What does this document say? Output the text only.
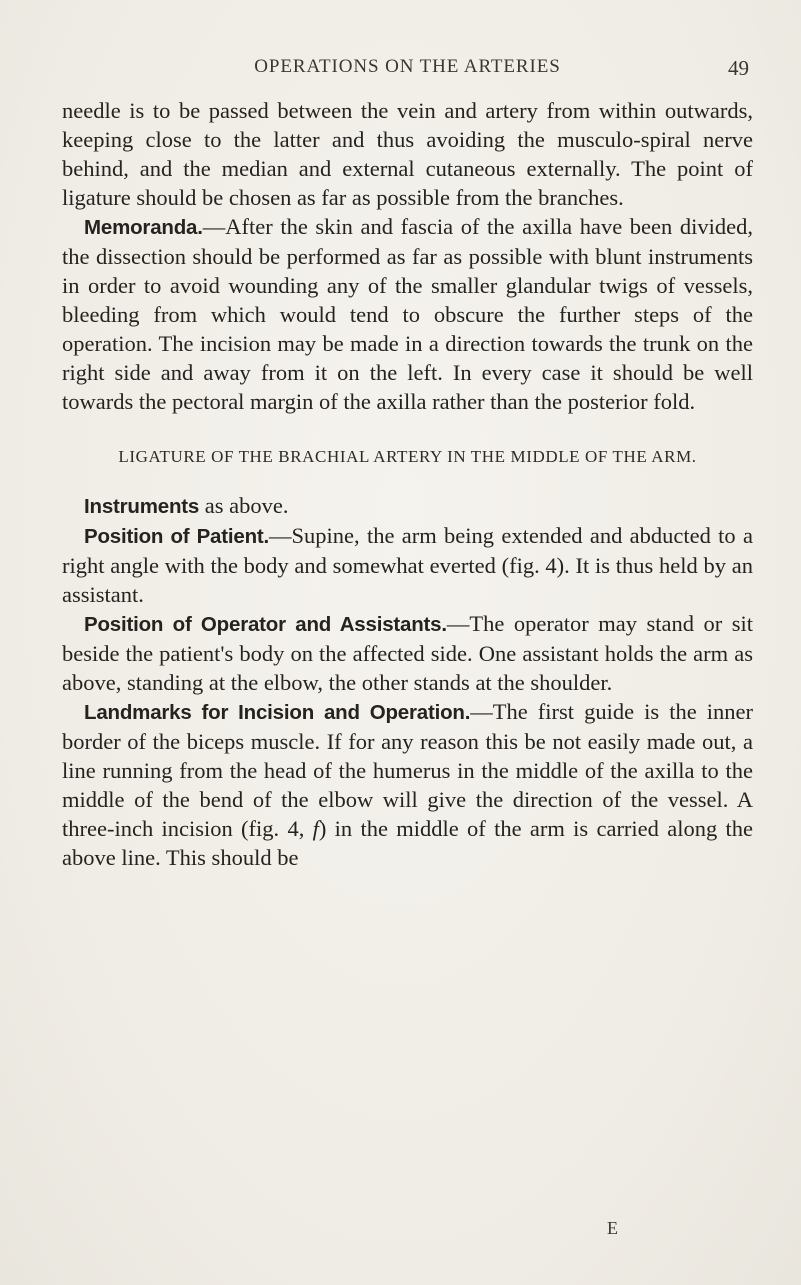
OPERATIONS ON THE ARTERIES	49

needle is to be passed between the vein and artery from within outwards, keeping close to the latter and thus avoiding the musculo-spiral nerve behind, and the median and external cutaneous externally. The point of ligature should be chosen as far as possible from the branches.

Memoranda.—After the skin and fascia of the axilla have been divided, the dissection should be performed as far as possible with blunt instruments in order to avoid wounding any of the smaller glandular twigs of vessels, bleeding from which would tend to obscure the further steps of the operation. The incision may be made in a direction towards the trunk on the right side and away from it on the left. In every case it should be well towards the pectoral margin of the axilla rather than the posterior fold.

LIGATURE OF THE BRACHIAL ARTERY IN THE MIDDLE OF THE ARM.

Instruments as above.

Position of Patient.—Supine, the arm being extended and abducted to a right angle with the body and somewhat everted (fig. 4). It is thus held by an assistant.

Position of Operator and Assistants.—The operator may stand or sit beside the patient's body on the affected side. One assistant holds the arm as above, standing at the elbow, the other stands at the shoulder.

Landmarks for Incision and Operation.—The first guide is the inner border of the biceps muscle. If for any reason this be not easily made out, a line running from the head of the humerus in the middle of the axilla to the middle of the bend of the elbow will give the direction of the vessel. A three-inch incision (fig. 4, f) in the middle of the arm is carried along the above line. This should be

E
